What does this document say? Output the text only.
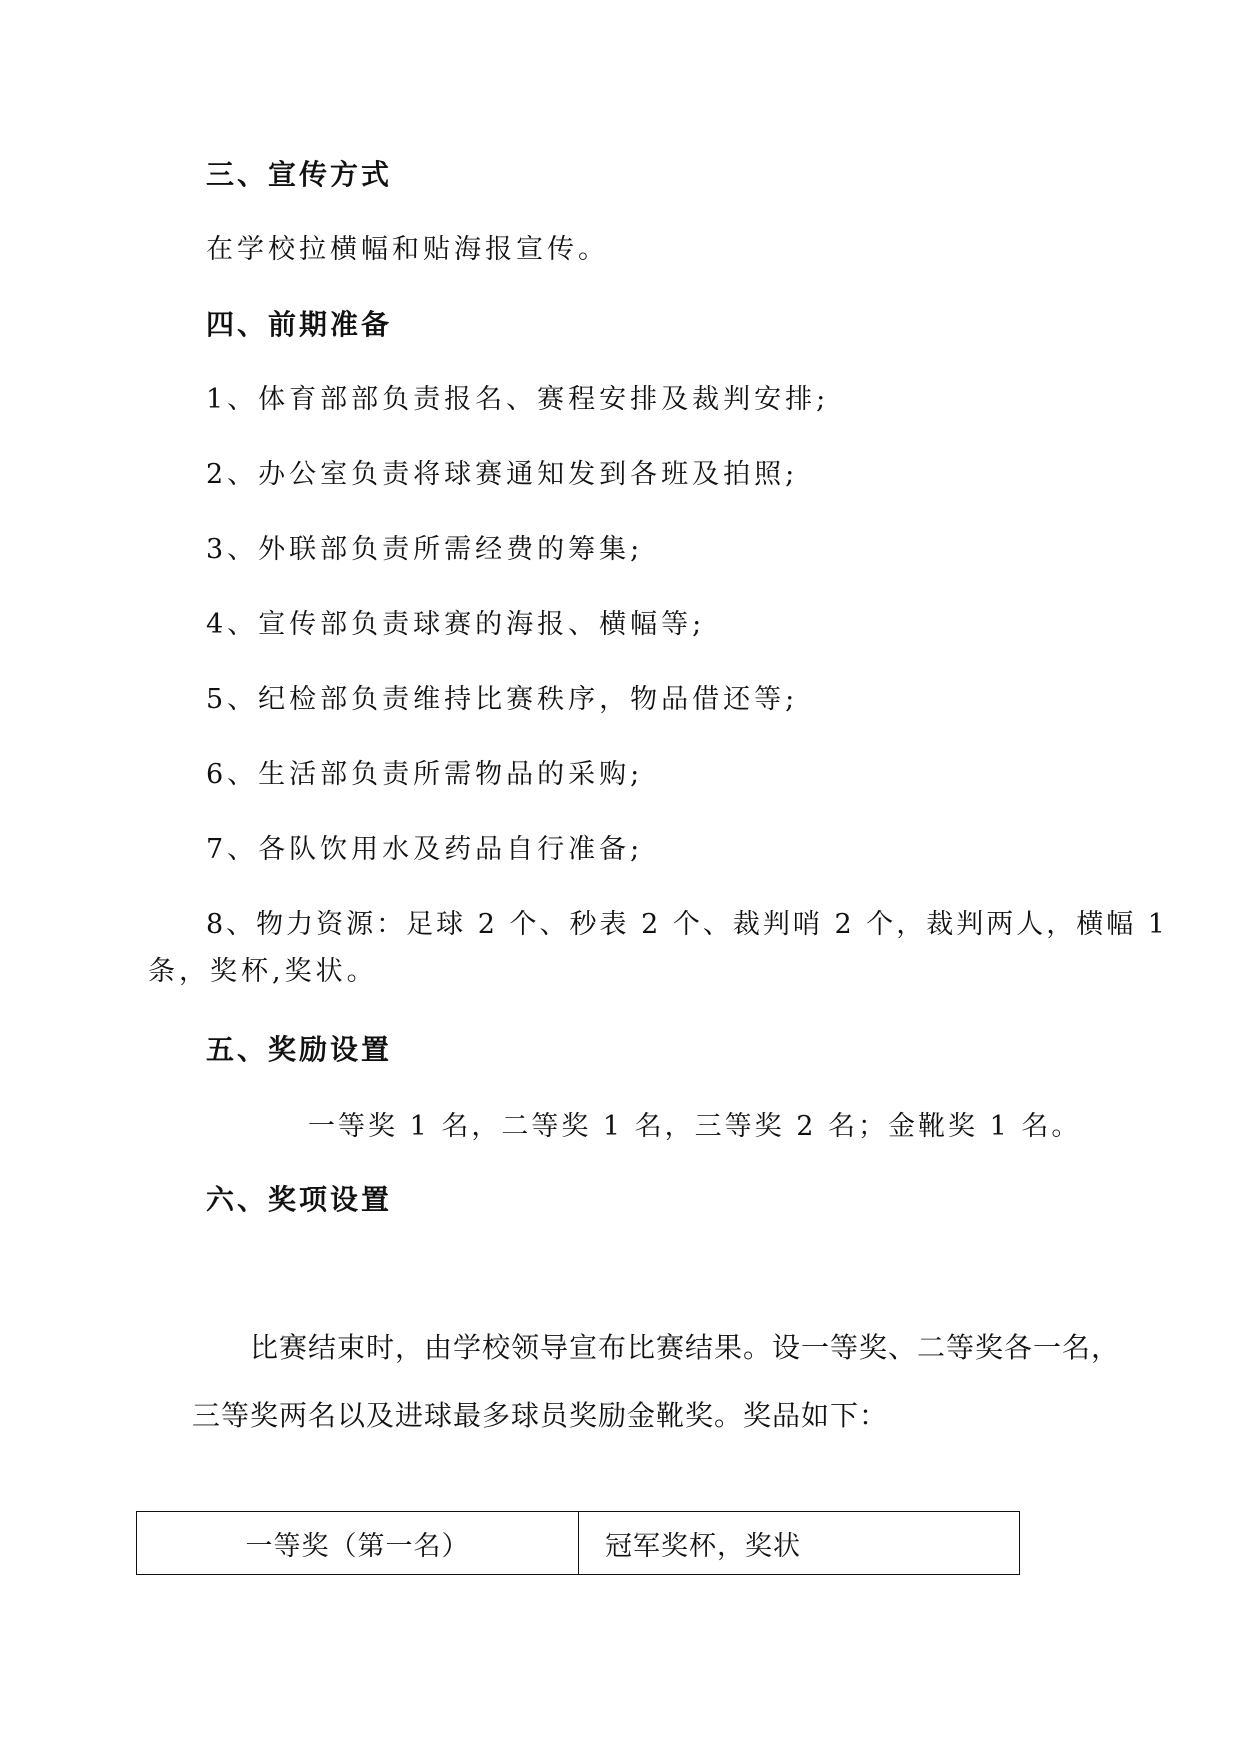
三、宣传方式
在学校拉横幅和贴海报宣传。
四、前期准备
1、体育部部负责报名、赛程安排及裁判安排;
2、办公室负责将球赛通知发到各班及拍照;
3、外联部负责所需经费的筹集;
4、宣传部负责球赛的海报、横幅等;
5、纪检部负责维持比赛秩序，物品借还等;
6、生活部负责所需物品的采购;
7、各队饮用水及药品自行准备;
8、物力资源：足球 2 个、秒表 2 个、裁判哨 2 个，裁判两人，横幅 1
条，奖杯,奖状。
五、奖励设置
一等奖 1 名，二等奖 1 名，三等奖 2 名；金靴奖 1 名。
六、奖项设置
比赛结束时，由学校领导宣布比赛结果。设一等奖、二等奖各一名，
三等奖两名以及进球最多球员奖励金靴奖。奖品如下：
一等奖（第一名）	冠军奖杯，奖状
